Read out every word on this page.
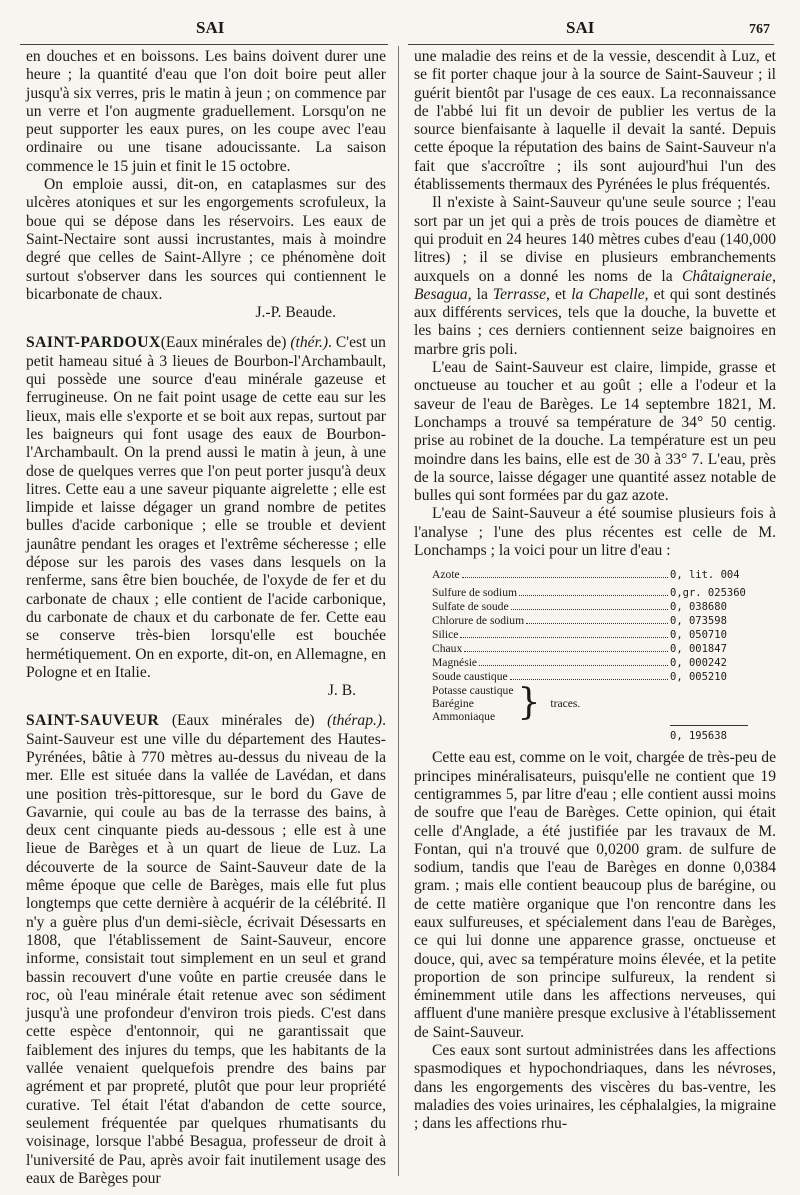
SAI	SAI	767

en douches et en boissons. Les bains doivent durer une heure ; la quantité d'eau que l'on doit boire peut aller jusqu'à six verres, pris le matin à jeun ; on commence par un verre et l'on augmente graduellement. Lorsqu'on ne peut supporter les eaux pures, on les coupe avec l'eau ordinaire ou une tisane adoucissante. La saison commence le 15 juin et finit le 15 octobre.

On emploie aussi, dit-on, en cataplasmes sur des ulcères atoniques et sur les engorgements scrofuleux, la boue qui se dépose dans les réservoirs. Les eaux de Saint-Nectaire sont aussi incrustantes, mais à moindre degré que celles de Saint-Allyre ; ce phénomène doit surtout s'observer dans les sources qui contiennent le bicarbonate de chaux.

J.-P. Beaude.

SAINT-PARDOUX(Eaux minérales de) (thér.). C'est un petit hameau situé à 3 lieues de Bourbon-l'Archambault, qui possède une source d'eau minérale gazeuse et ferrugineuse. On ne fait point usage de cette eau sur les lieux, mais elle s'exporte et se boit aux repas, surtout par les baigneurs qui font usage des eaux de Bourbon-l'Archambault. On la prend aussi le matin à jeun, à une dose de quelques verres que l'on peut porter jusqu'à deux litres. Cette eau a une saveur piquante aigrelette ; elle est limpide et laisse dégager un grand nombre de petites bulles d'acide carbonique ; elle se trouble et devient jaunâtre pendant les orages et l'extrême sécheresse ; elle dépose sur les parois des vases dans lesquels on la renferme, sans être bien bouchée, de l'oxyde de fer et du carbonate de chaux ; elle contient de l'acide carbonique, du carbonate de chaux et du carbonate de fer. Cette eau se conserve très-bien lorsqu'elle est bouchée hermétiquement. On en exporte, dit-on, en Allemagne, en Pologne et en Italie.

J. B.

SAINT-SAUVEUR (Eaux minérales de) (thérap.). Saint-Sauveur est une ville du département des Hautes-Pyrénées, bâtie à 770 mètres au-dessus du niveau de la mer. Elle est située dans la vallée de Lavédan, et dans une position très-pittoresque, sur le bord du Gave de Gavarnie, qui coule au bas de la terrasse des bains, à deux cent cinquante pieds au-dessous ; elle est à une lieue de Barèges et à un quart de lieue de Luz. La découverte de la source de Saint-Sauveur date de la même époque que celle de Barèges, mais elle fut plus longtemps que cette dernière à acquérir de la célébrité. Il n'y a guère plus d'un demi-siècle, écrivait Désessarts en 1808, que l'établissement de Saint-Sauveur, encore informe, consistait tout simplement en un seul et grand bassin recouvert d'une voûte en partie creusée dans le roc, où l'eau minérale était retenue avec son sédiment jusqu'à une profondeur d'environ trois pieds. C'est dans cette espèce d'entonnoir, qui ne garantissait que faiblement des injures du temps, que les habitants de la vallée venaient quelquefois prendre des bains par agrément et par propreté, plutôt que pour leur propriété curative. Tel était l'état d'abandon de cette source, seulement fréquentée par quelques rhumatisants du voisinage, lorsque l'abbé Besagua, professeur de droit à l'université de Pau, après avoir fait inutilement usage des eaux de Barèges pour

une maladie des reins et de la vessie, descendit à Luz, et se fit porter chaque jour à la source de Saint-Sauveur ; il guérit bientôt par l'usage de ces eaux. La reconnaissance de l'abbé lui fit un devoir de publier les vertus de la source bienfaisante à laquelle il devait la santé. Depuis cette époque la réputation des bains de Saint-Sauveur n'a fait que s'accroître ; ils sont aujourd'hui l'un des établissements thermaux des Pyrénées le plus fréquentés.

Il n'existe à Saint-Sauveur qu'une seule source ; l'eau sort par un jet qui a près de trois pouces de diamètre et qui produit en 24 heures 140 mètres cubes d'eau (140,000 litres) ; il se divise en plusieurs embranchements auxquels on a donné les noms de la Châtaigneraie, Besagua, la Terrasse, et la Chapelle, et qui sont destinés aux différents services, tels que la douche, la buvette et les bains ; ces derniers contiennent seize baignoires en marbre gris poli.

L'eau de Saint-Sauveur est claire, limpide, grasse et onctueuse au toucher et au goût ; elle a l'odeur et la saveur de l'eau de Barèges. Le 14 septembre 1821, M. Lonchamps a trouvé sa température de 34° 50 centig. prise au robinet de la douche. La température est un peu moindre dans les bains, elle est de 30 à 33° 7. L'eau, près de la source, laisse dégager une quantité assez notable de bulles qui sont formées par du gaz azote.

L'eau de Saint-Sauveur a été soumise plusieurs fois à l'analyse ; l'une des plus récentes est celle de M. Lonchamps ; la voici pour un litre d'eau :

Azote	0, lit. 004
Sulfure de sodium	0,gr. 025360
Sulfate de soude	0, 038680
Chlorure de sodium	0, 073598
Silice	0, 050710
Chaux	0, 001847
Magnésie	0, 000242
Soude caustique	0, 005210
Potasse caustique
Barégine
Ammoniaque } traces.
0, 195638

Cette eau est, comme on le voit, chargée de très-peu de principes minéralisateurs, puisqu'elle ne contient que 19 centigrammes 5, par litre d'eau ; elle contient aussi moins de soufre que l'eau de Barèges. Cette opinion, qui était celle d'Anglade, a été justifiée par les travaux de M. Fontan, qui n'a trouvé que 0,0200 gram. de sulfure de sodium, tandis que l'eau de Barèges en donne 0,0384 gram. ; mais elle contient beaucoup plus de barégine, ou de cette matière organique que l'on rencontre dans les eaux sulfureuses, et spécialement dans l'eau de Barèges, ce qui lui donne une apparence grasse, onctueuse et douce, qui, avec sa température moins élevée, et la petite proportion de son principe sulfureux, la rendent si éminemment utile dans les affections nerveuses, qui affluent d'une manière presque exclusive à l'établissement de Saint-Sauveur.

Ces eaux sont surtout administrées dans les affections spasmodiques et hypochondriaques, dans les névroses, dans les engorgements des viscères du bas-ventre, les maladies des voies urinaires, les céphalalgies, la migraine ; dans les affections rhu-
